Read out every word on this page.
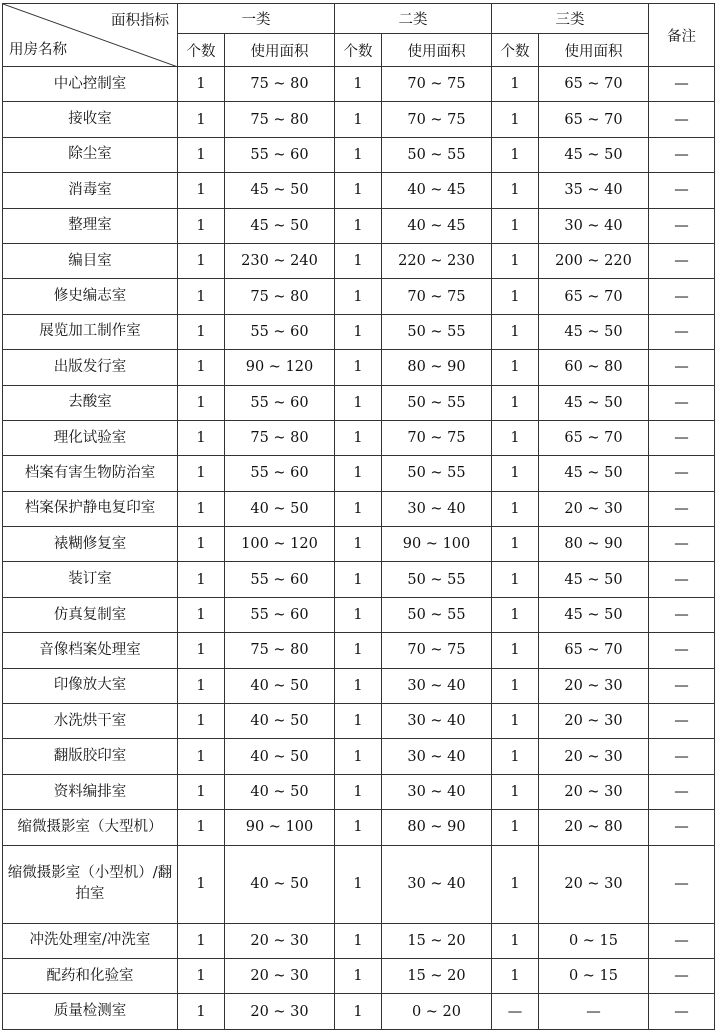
面积指标
用房名称	一类		二类		三类		备注
	个数	使用面积	个数	使用面积	个数	使用面积	
中心控制室	1	75 ~ 80	1	70 ~ 75	1	65 ~ 70	—
接收室	1	75 ~ 80	1	70 ~ 75	1	65 ~ 70	—
除尘室	1	55 ~ 60	1	50 ~ 55	1	45 ~ 50	—
消毒室	1	45 ~ 50	1	40 ~ 45	1	35 ~ 40	—
整理室	1	45 ~ 50	1	40 ~ 45	1	30 ~ 40	—
编目室	1	230 ~ 240	1	220 ~ 230	1	200 ~ 220	—
修史编志室	1	75 ~ 80	1	70 ~ 75	1	65 ~ 70	—
展览加工制作室	1	55 ~ 60	1	50 ~ 55	1	45 ~ 50	—
出版发行室	1	90 ~ 120	1	80 ~ 90	1	60 ~ 80	—
去酸室	1	55 ~ 60	1	50 ~ 55	1	45 ~ 50	—
理化试验室	1	75 ~ 80	1	70 ~ 75	1	65 ~ 70	—
档案有害生物防治室	1	55 ~ 60	1	50 ~ 55	1	45 ~ 50	—
档案保护静电复印室	1	40 ~ 50	1	30 ~ 40	1	20 ~ 30	—
裱糊修复室	1	100 ~ 120	1	90 ~ 100	1	80 ~ 90	—
装订室	1	55 ~ 60	1	50 ~ 55	1	45 ~ 50	—
仿真复制室	1	55 ~ 60	1	50 ~ 55	1	45 ~ 50	—
音像档案处理室	1	75 ~ 80	1	70 ~ 75	1	65 ~ 70	—
印像放大室	1	40 ~ 50	1	30 ~ 40	1	20 ~ 30	—
水洗烘干室	1	40 ~ 50	1	30 ~ 40	1	20 ~ 30	—
翻版胶印室	1	40 ~ 50	1	30 ~ 40	1	20 ~ 30	—
资料编排室	1	40 ~ 50	1	30 ~ 40	1	20 ~ 30	—
缩微摄影室（大型机）	1	90 ~ 100	1	80 ~ 90	1	20 ~ 80	—
缩微摄影室（小型机）/翻拍室	1	40 ~ 50	1	30 ~ 40	1	20 ~ 30	—
冲洗处理室/冲洗室	1	20 ~ 30	1	15 ~ 20	1	0 ~ 15	—
配药和化验室	1	20 ~ 30	1	15 ~ 20	1	0 ~ 15	—
质量检测室	1	20 ~ 30	1	0 ~ 20	—	—	—
